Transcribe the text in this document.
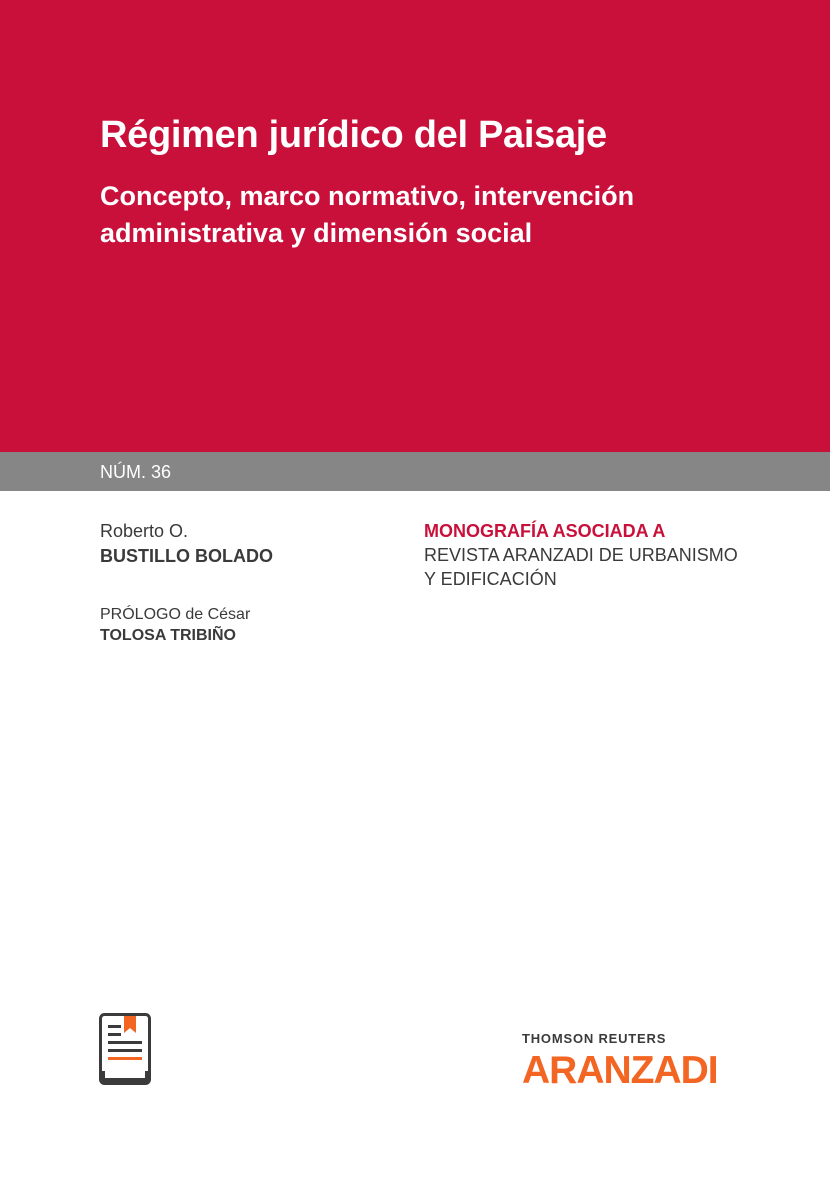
Régimen jurídico del Paisaje
Concepto, marco normativo, intervención administrativa y dimensión social
NÚM. 36
Roberto O.
BUSTILLO BOLADO
PRÓLOGO de César
TOLOSA TRIBIÑO
MONOGRAFÍA ASOCIADA A
REVISTA ARANZADI DE URBANISMO
Y EDIFICACIÓN
THOMSON REUTERS
ARANZADI
